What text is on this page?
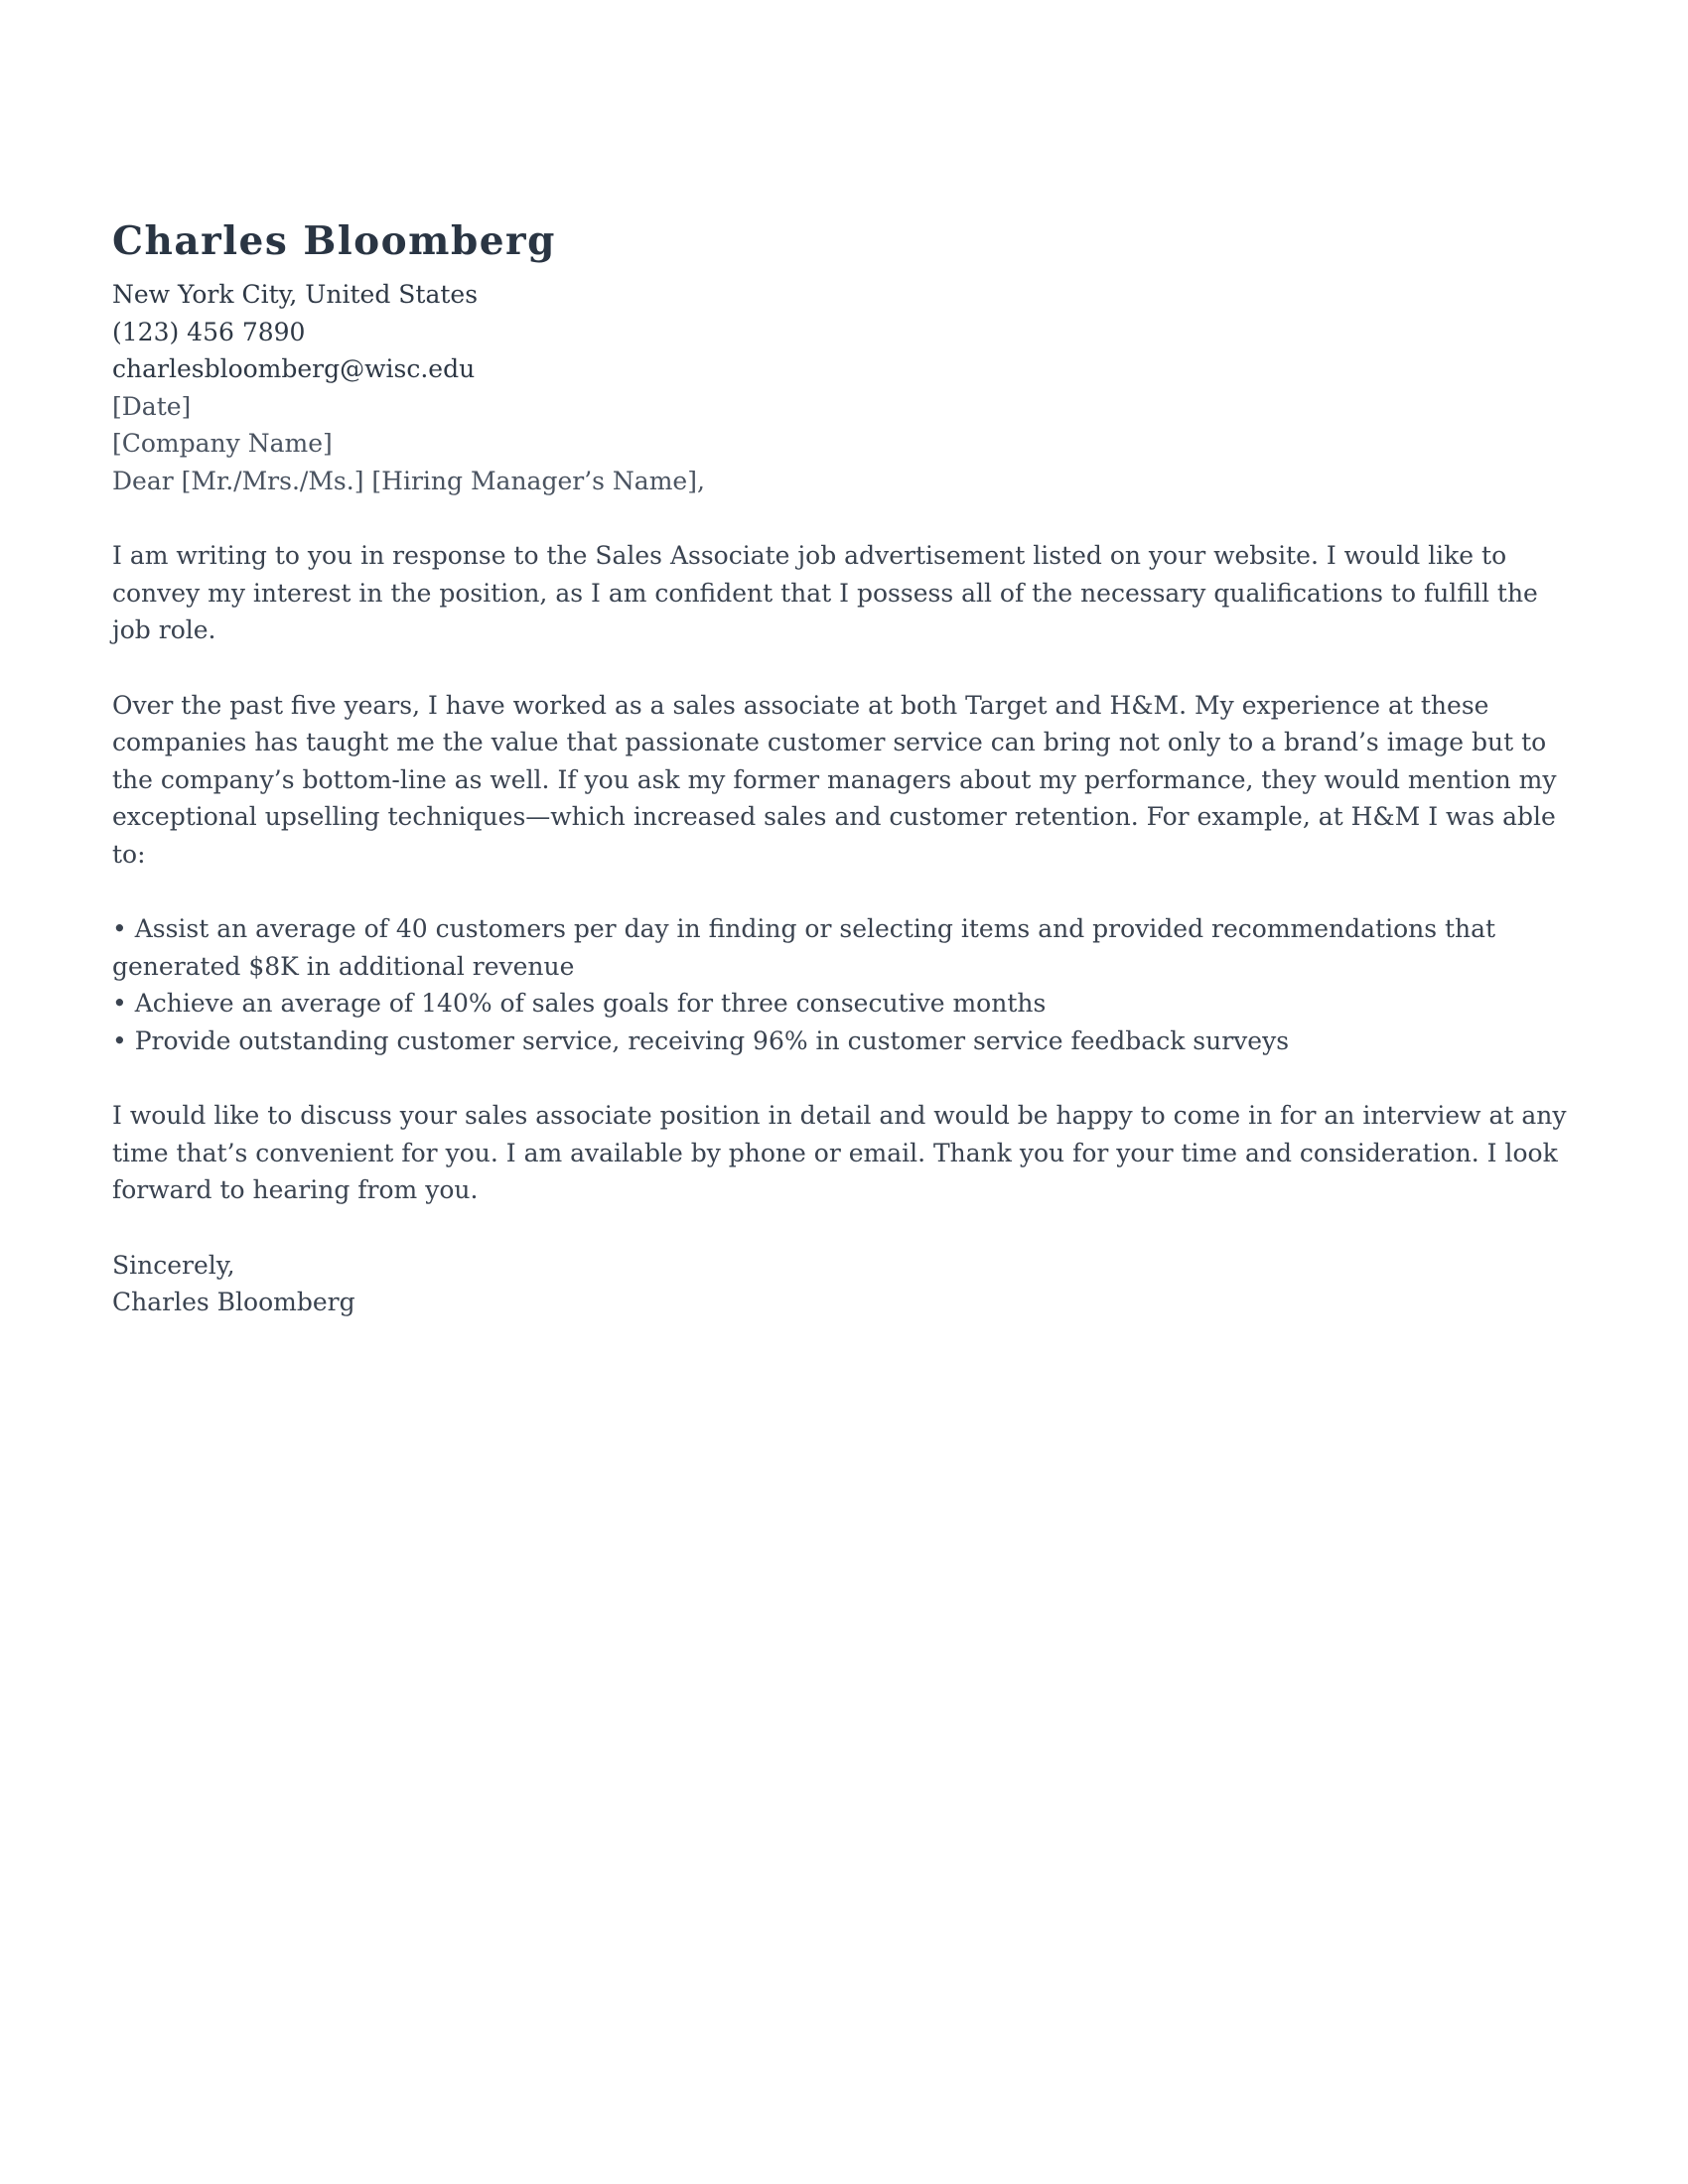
Charles Bloomberg

New York City, United States

(123) 456 7890

charlesbloomberg@wisc.edu

[Date]

[Company Name]

Dear [Mr./Mrs./Ms.] [Hiring Manager’s Name],

I am writing to you in response to the Sales Associate job advertisement listed on your website. I would like to convey my interest in the position, as I am confident that I possess all of the necessary qualifications to fulfill the job role.

Over the past five years, I have worked as a sales associate at both Target and H&M. My experience at these companies has taught me the value that passionate customer service can bring not only to a brand’s image but to the company’s bottom-line as well. If you ask my former managers about my performance, they would mention my exceptional upselling techniques—which increased sales and customer retention. For example, at H&M I was able to:

• Assist an average of 40 customers per day in finding or selecting items and provided recommendations that generated $8K in additional revenue

• Achieve an average of 140% of sales goals for three consecutive months

• Provide outstanding customer service, receiving 96% in customer service feedback surveys

I would like to discuss your sales associate position in detail and would be happy to come in for an interview at any time that’s convenient for you. I am available by phone or email. Thank you for your time and consideration. I look forward to hearing from you.

Sincerely,

Charles Bloomberg
